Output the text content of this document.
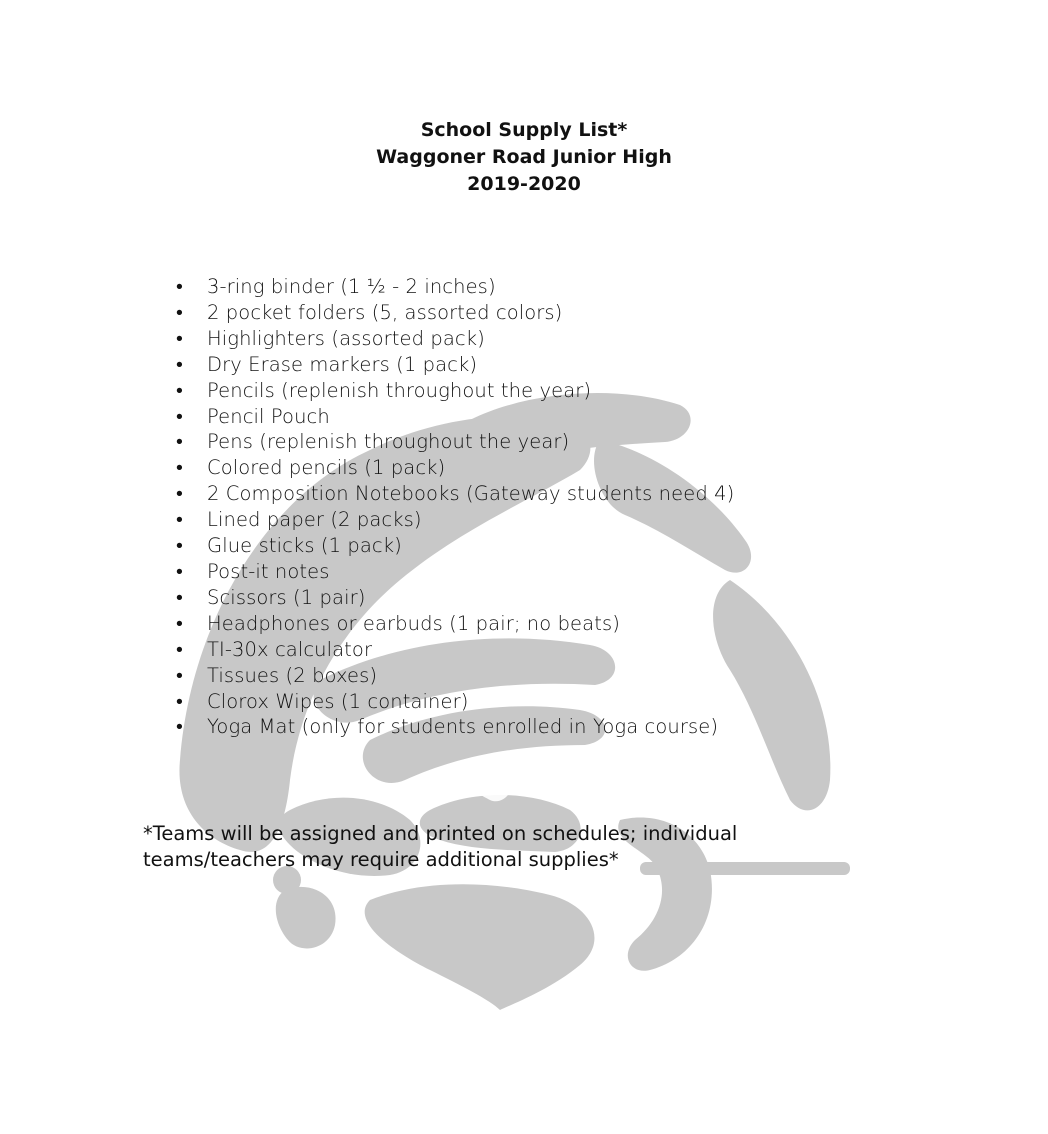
School Supply List*
Waggoner Road Junior High
2019-2020
•	3-ring binder (1 ½ - 2 inches)
•	2 pocket folders (5, assorted colors)
•	Highlighters (assorted pack)
•	Dry Erase markers (1 pack)
•	Pencils (replenish throughout the year)
•	Pencil Pouch
•	Pens (replenish throughout the year)
•	Colored pencils (1 pack)
•	2 Composition Notebooks (Gateway students need 4)
•	Lined paper (2 packs)
•	Glue sticks (1 pack)
•	Post-it notes
•	Scissors (1 pair)
•	Headphones or earbuds (1 pair; no beats)
•	TI-30x calculator
•	Tissues (2 boxes)
•	Clorox Wipes (1 container)
•	Yoga Mat (only for students enrolled in Yoga course)

*Teams will be assigned and printed on schedules; individual
teams/teachers may require additional supplies*
